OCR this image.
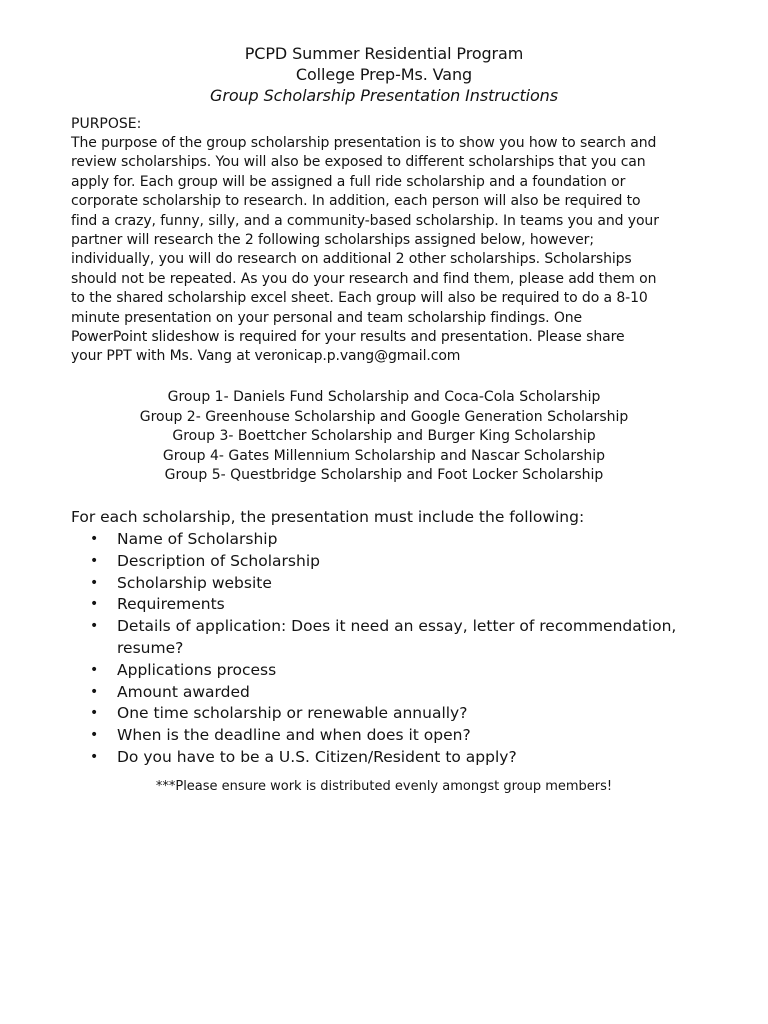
PCPD Summer Residential Program
College Prep-Ms. Vang
Group Scholarship Presentation Instructions
PURPOSE:
The purpose of the group scholarship presentation is to show you how to search and
review scholarships. You will also be exposed to different scholarships that you can
apply for. Each group will be assigned a full ride scholarship and a foundation or
corporate scholarship to research. In addition, each person will also be required to
find a crazy, funny, silly, and a community-based scholarship. In teams you and your
partner will research the 2 following scholarships assigned below, however;
individually, you will do research on additional 2 other scholarships. Scholarships
should not be repeated. As you do your research and find them, please add them on
to the shared scholarship excel sheet. Each group will also be required to do a 8-10
minute presentation on your personal and team scholarship findings. One
PowerPoint slideshow is required for your results and presentation. Please share
your PPT with Ms. Vang at veronicap.p.vang@gmail.com
Group 1- Daniels Fund Scholarship and Coca-Cola Scholarship
Group 2- Greenhouse Scholarship and Google Generation Scholarship
Group 3- Boettcher Scholarship and Burger King Scholarship
Group 4- Gates Millennium Scholarship and Nascar Scholarship
Group 5- Questbridge Scholarship and Foot Locker Scholarship
For each scholarship, the presentation must include the following:
• Name of Scholarship
• Description of Scholarship
• Scholarship website
• Requirements
• Details of application: Does it need an essay, letter of recommendation, resume?
• Applications process
• Amount awarded
• One time scholarship or renewable annually?
• When is the deadline and when does it open?
• Do you have to be a U.S. Citizen/Resident to apply?
***Please ensure work is distributed evenly amongst group members!
